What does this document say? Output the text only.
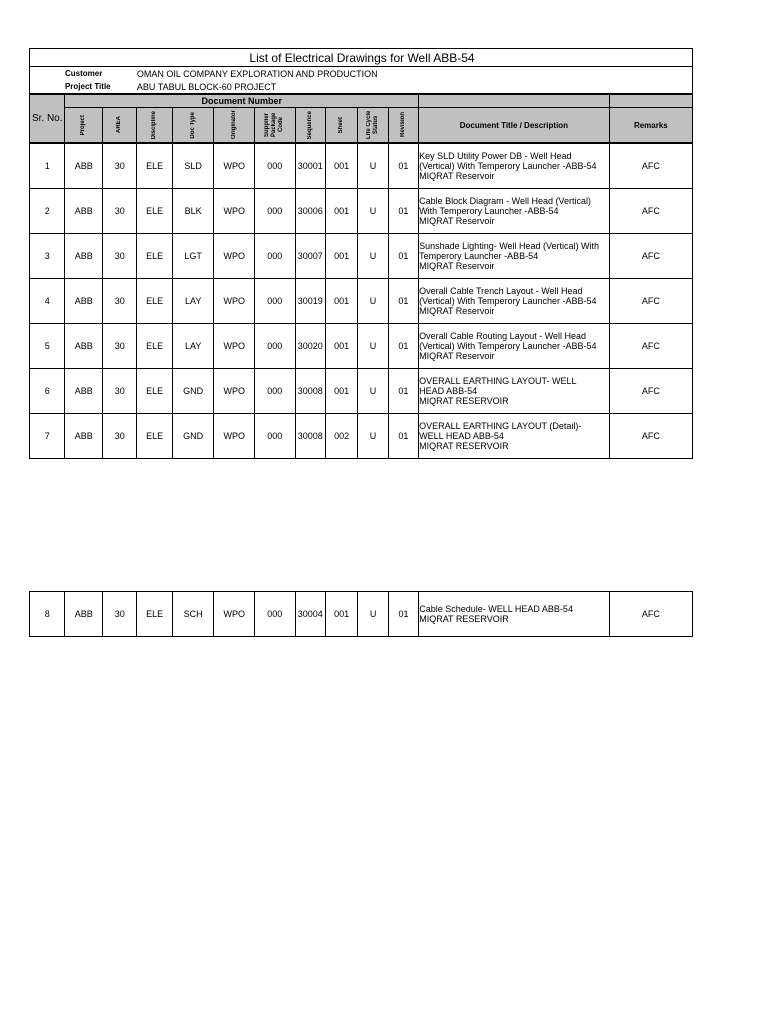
List of Electrical Drawings for Well ABB-54												
	Customer		OMAN OIL COMPANY EXPLORATION AND PRODUCTION									
	Project Title		ABU TABUL BLOCK-60 PROJECT									
Sr. No.	Document Number											

	Project	AREA	Discipline	Doc Type	Originator	Supplier Package Code	Sequence	Sheet	Life Cycle Status	Revision	Document Title / Description	Remarks
1	ABB	30	ELE	SLD	WPO	000	30001	001	U	01	Key SLD Utility Power DB - Well Head
(Vertical) With Temperory Launcher -ABB-54
MIQRAT Reservoir	AFC
2	ABB	30	ELE	BLK	WPO	000	30006	001	U	01	Cable Block Diagram - Well Head (Vertical)
With Temperory Launcher -ABB-54
MIQRAT Reservoir	AFC
3	ABB	30	ELE	LGT	WPO	000	30007	001	U	01	Sunshade Lighting- Well Head (Vertical) With
Temperory Launcher -ABB-54
MIQRAT Reservoir	AFC
4	ABB	30	ELE	LAY	WPO	000	30019	001	U	01	Overall Cable Trench Layout - Well Head
(Vertical) With Temperory Launcher -ABB-54
MIQRAT Reservoir	AFC
5	ABB	30	ELE	LAY	WPO	000	30020	001	U	01	Overall Cable Routing Layout - Well Head
(Vertical) With Temperory Launcher -ABB-54
MIQRAT Reservoir	AFC
6	ABB	30	ELE	GND	WPO	000	30008	001	U	01	OVERALL EARTHING LAYOUT- WELL
HEAD ABB-54
MIQRAT RESERVOIR	AFC
7	ABB	30	ELE	GND	WPO	000	30008	002	U	01	OVERALL EARTHING LAYOUT (Detail)-
WELL HEAD ABB-54
MIQRAT RESERVOIR	AFC
8	ABB	30	ELE	SCH	WPO	000	30004	001	U	01	Cable Schedule- WELL HEAD ABB-54
MIQRAT RESERVOIR	AFC
